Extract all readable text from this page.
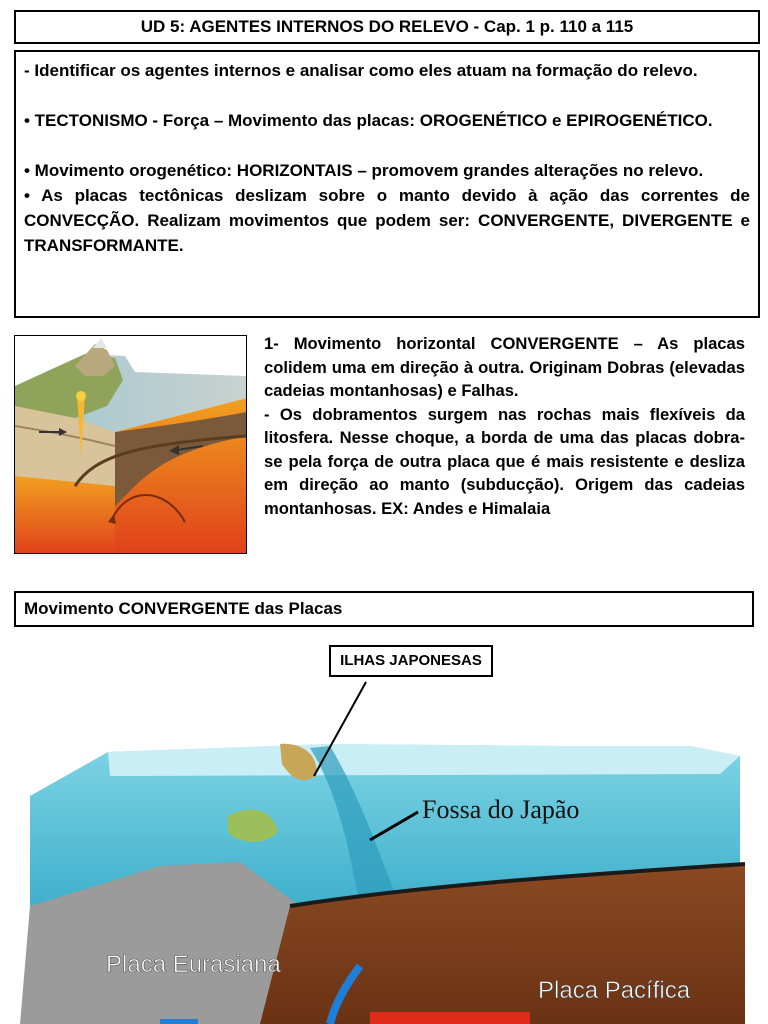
UD 5: AGENTES INTERNOS DO RELEVO - Cap. 1 p. 110 a 115

- Identificar os agentes internos e analisar como eles atuam na formação do relevo.

• TECTONISMO - Força – Movimento das placas: OROGENÉTICO e EPIROGENÉTICO.

• Movimento orogenético: HORIZONTAIS – promovem grandes alterações no relevo.

• As placas tectônicas deslizam sobre o manto devido à ação das correntes de CONVECÇÃO. Realizam movimentos que podem ser: CONVERGENTE, DIVERGENTE e TRANSFORMANTE.

1- Movimento horizontal CONVERGENTE – As placas colidem uma em direção à outra. Originam Dobras (elevadas cadeias montanhosas) e Falhas.

- Os dobramentos surgem nas rochas mais flexíveis da litosfera. Nesse choque, a borda de uma das placas dobra-se pela força de outra placa que é mais resistente e desliza em direção ao manto (subducção). Origem das cadeias montanhosas. EX: Andes e Himalaia

Movimento CONVERGENTE das Placas
Fossa do Japão
Placa Eurasiana
Placa Pacífica
ILHAS JAPONESAS
